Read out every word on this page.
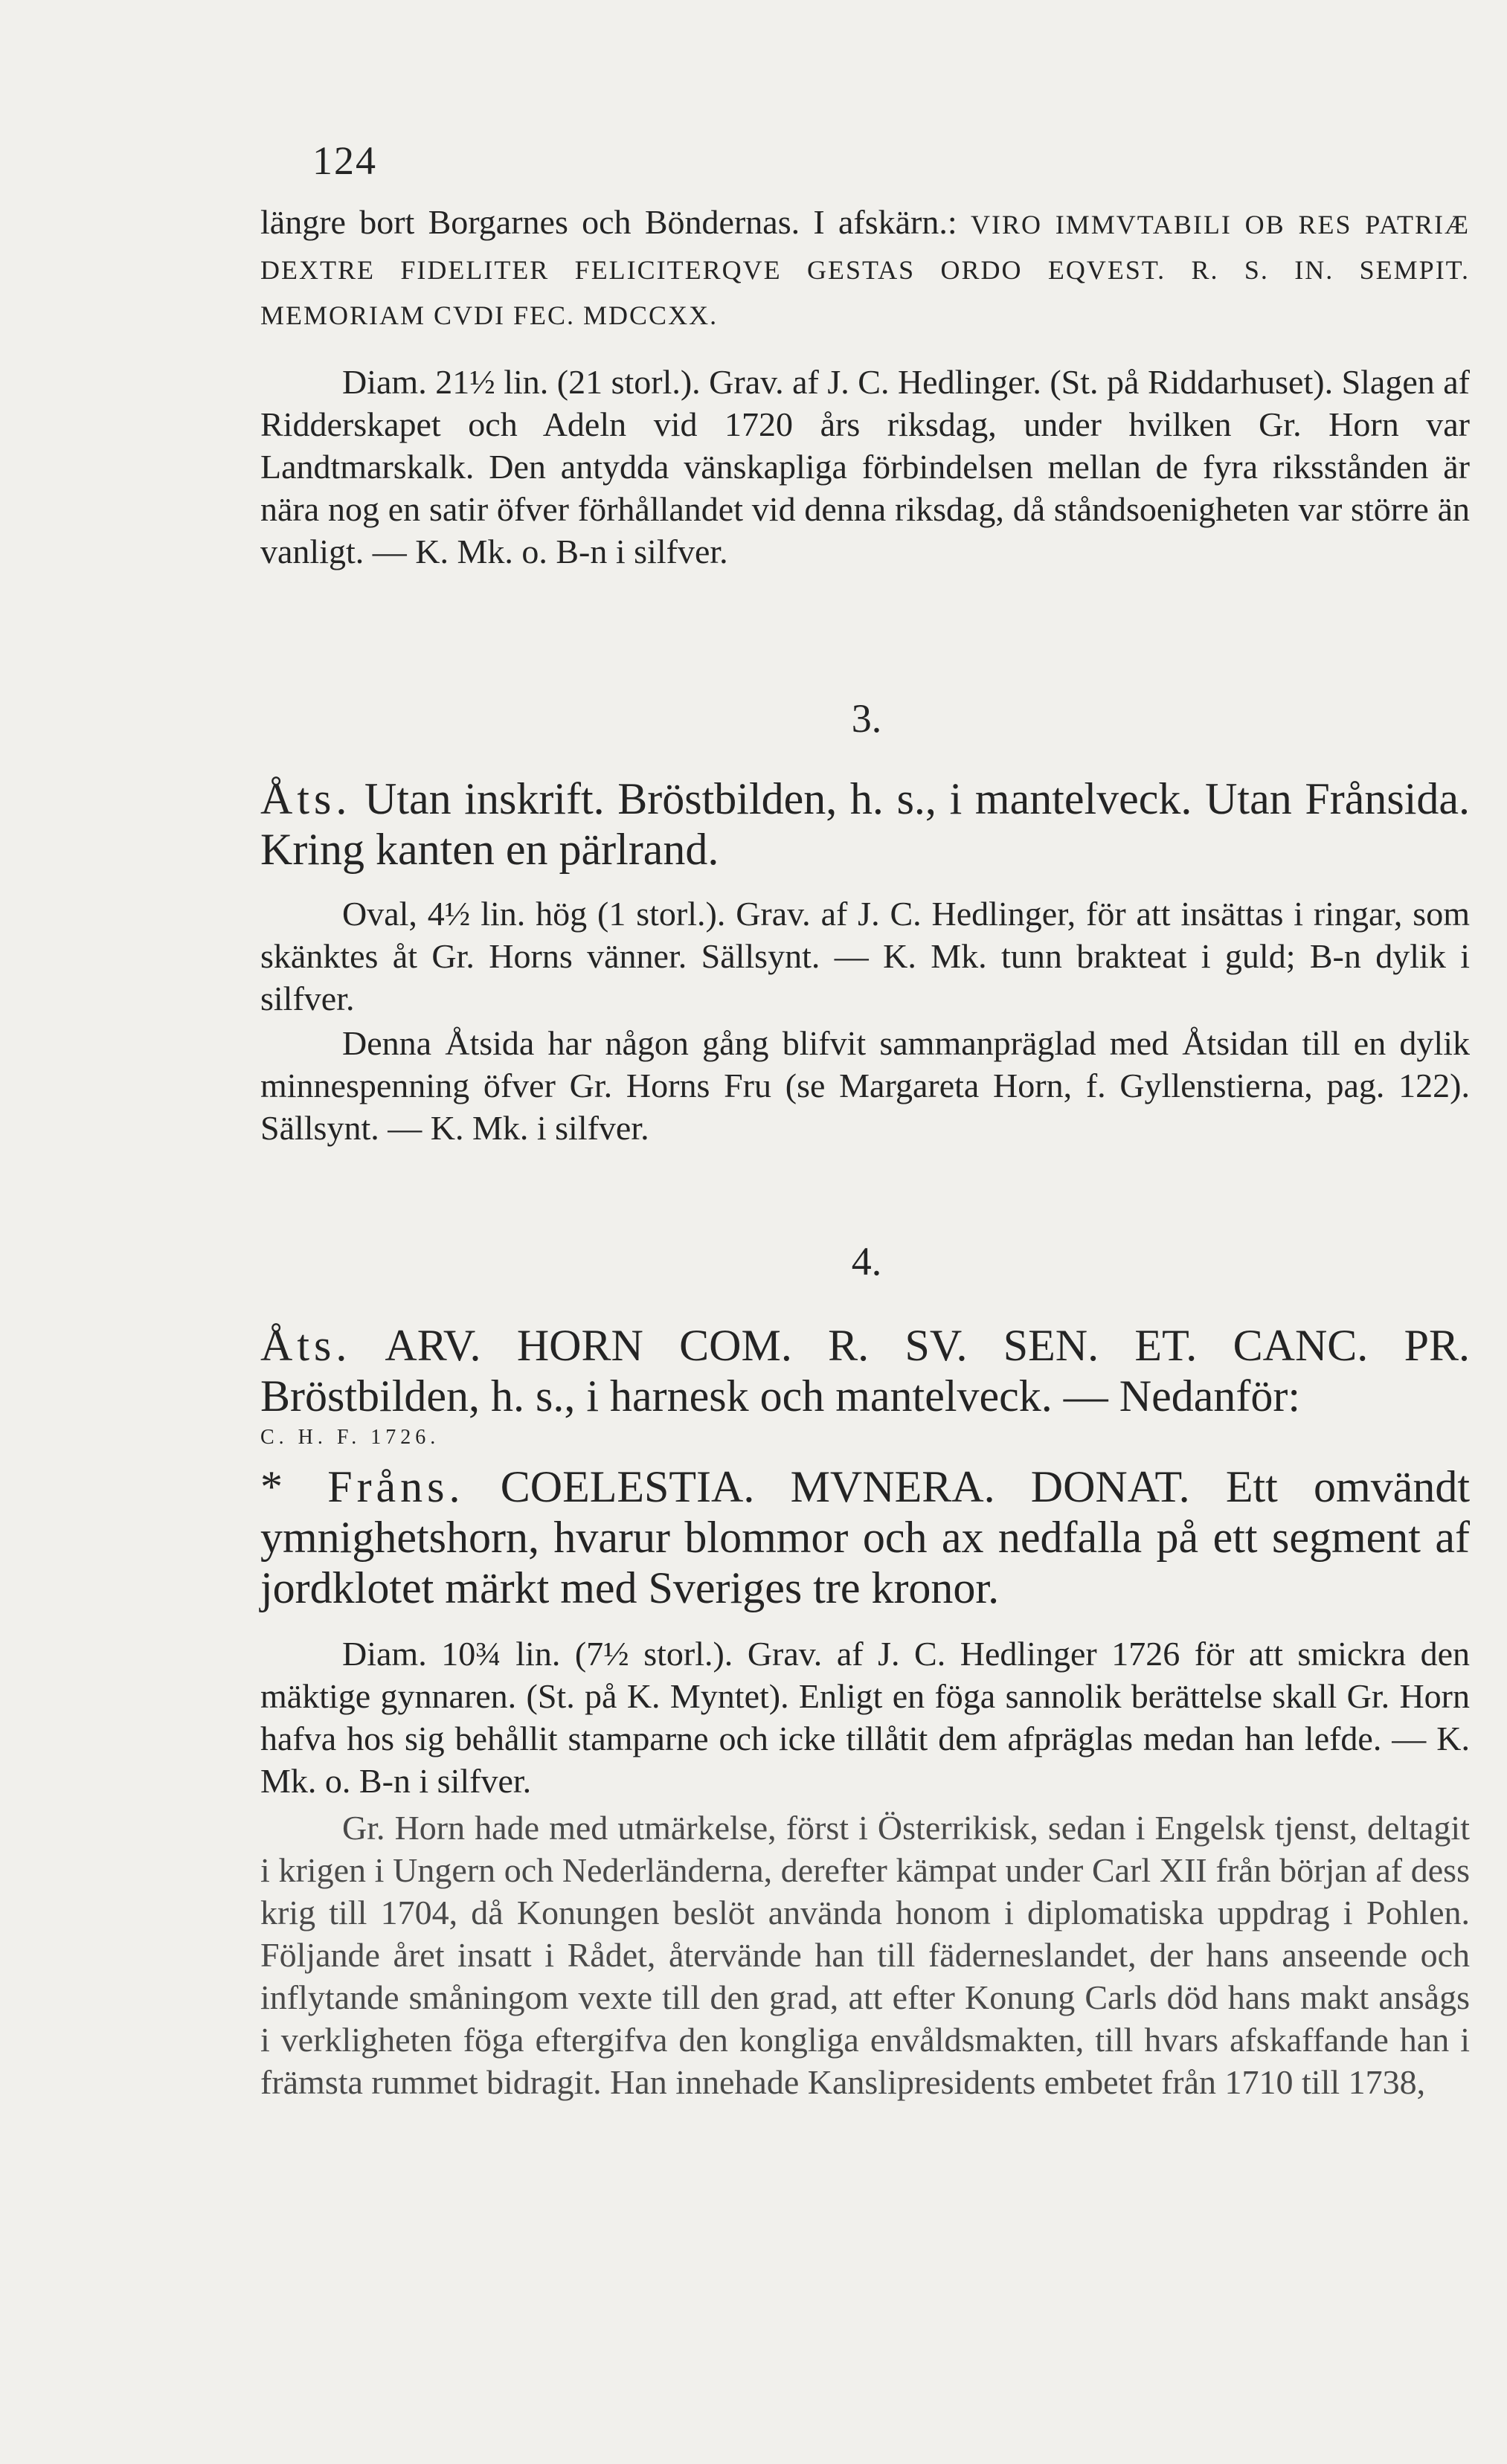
124

längre bort Borgarnes och Böndernas. I afskärn.: VIRO IMMVTABILI OB RES PATRIÆ DEXTRE FIDELITER FELICITERQVE GESTAS ORDO EQVEST. R. S. IN. SEMPIT. MEMORIAM CVDI FEC. MDCCXX.

Diam. 21½ lin. (21 storl.). Grav. af J. C. Hedlinger. (St. på Riddarhuset). Slagen af Ridderskapet och Adeln vid 1720 års riksdag, under hvilken Gr. Horn var Landtmarskalk. Den antydda vänskapliga förbindelsen mellan de fyra riksstånden är nära nog en satir öfver förhållandet vid denna riksdag, då ståndsoenigheten var större än vanligt. — K. Mk. o. B-n i silfver.

3.

Åts. Utan inskrift. Bröstbilden, h. s., i mantelveck. Utan Frånsida. Kring kanten en pärlrand.

Oval, 4½ lin. hög (1 storl.). Grav. af J. C. Hedlinger, för att insättas i ringar, som skänktes åt Gr. Horns vänner. Sällsynt. — K. Mk. tunn brakteat i guld; B-n dylik i silfver.

Denna Åtsida har någon gång blifvit sammanpräglad med Åtsidan till en dylik minnespenning öfver Gr. Horns Fru (se Margareta Horn, f. Gyllenstierna, pag. 122). Sällsynt. — K. Mk. i silfver.

4.

Åts. ARV. HORN COM. R. SV. SEN. ET. CANC. PR. Bröstbilden, h. s., i harnesk och mantelveck. — Nedanför:

C. H. F. 1726.

* Fråns. COELESTIA. MVNERA. DONAT. Ett omvändt ymnighetshorn, hvarur blommor och ax nedfalla på ett segment af jordklotet märkt med Sveriges tre kronor.

Diam. 10¾ lin. (7½ storl.). Grav. af J. C. Hedlinger 1726 för att smickra den mäktige gynnaren. (St. på K. Myntet). Enligt en föga sannolik berättelse skall Gr. Horn hafva hos sig behållit stamparne och icke tillåtit dem afpräglas medan han lefde. — K. Mk. o. B-n i silfver.

Gr. Horn hade med utmärkelse, först i Österrikisk, sedan i Engelsk tjenst, deltagit i krigen i Ungern och Nederländerna, derefter kämpat under Carl XII från början af dess krig till 1704, då Konungen beslöt använda honom i diplomatiska uppdrag i Pohlen. Följande året insatt i Rådet, återvände han till fäderneslandet, der hans anseende och inflytande småningom vexte till den grad, att efter Konung Carls död hans makt ansågs i verkligheten föga eftergifva den kongliga envåldsmakten, till hvars afskaffande han i främsta rummet bidragit. Han innehade Kanslipresidents embetet från 1710 till 1738,
